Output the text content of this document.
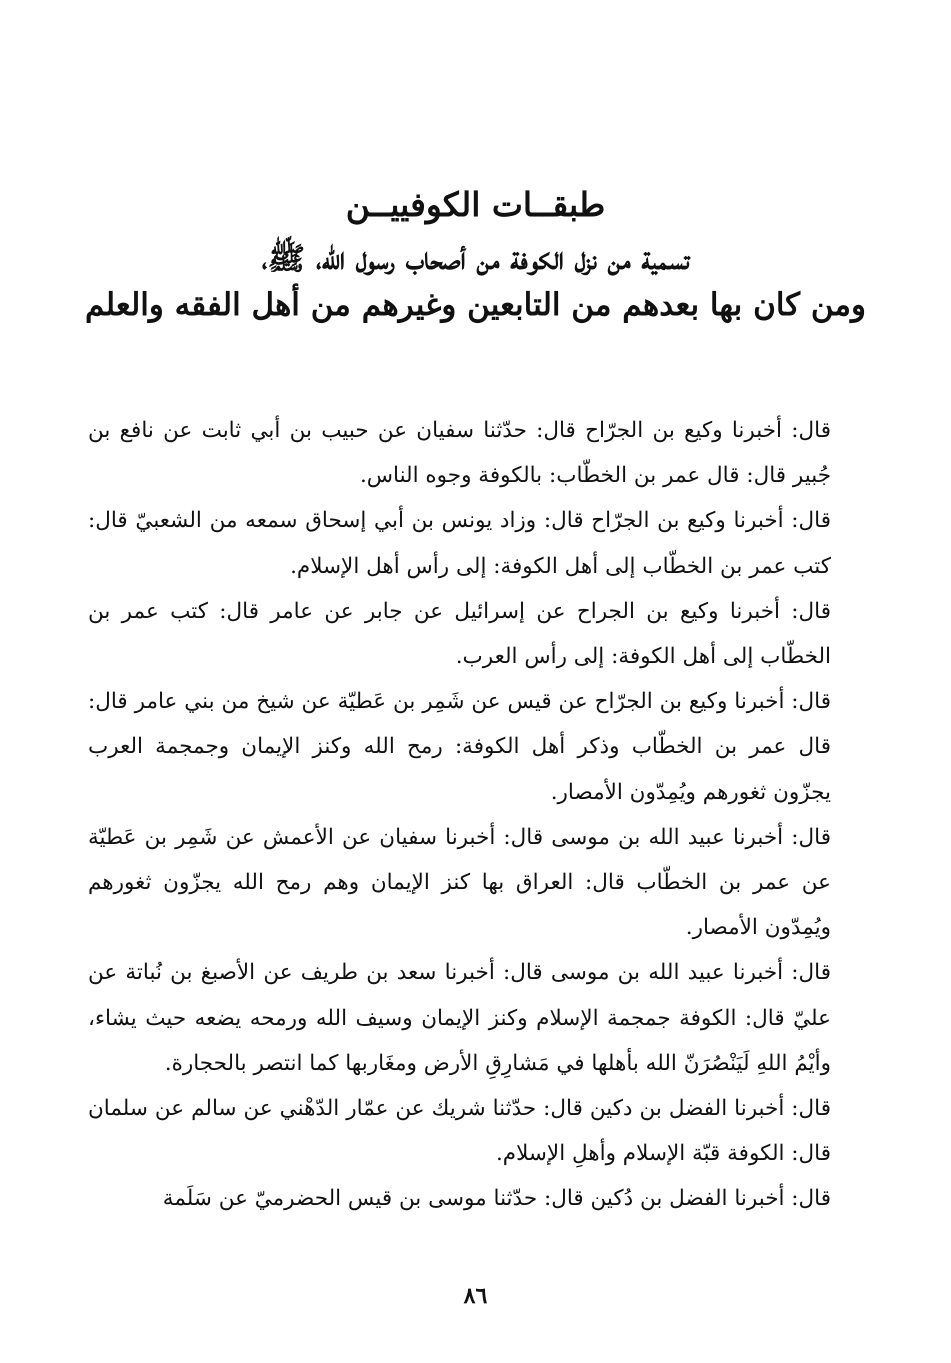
طبقــات الكوفييــن
تسمية من نزل الكوفة من أصحاب رسول الله، ﷺ،
ومن كان بها بعدهم من التابعين وغيرهم من أهل الفقه والعلم

قال: أخبرنا وكيع بن الجرّاح قال: حدّثنا سفيان عن حبيب بن أبي ثابت عن نافع بن جُبير قال: قال عمر بن الخطّاب: بالكوفة وجوه الناس.

قال: أخبرنا وكيع بن الجرّاح قال: وزاد يونس بن أبي إسحاق سمعه من الشعبيّ قال: كتب عمر بن الخطّاب إلى أهل الكوفة: إلى رأس أهل الإسلام.

قال: أخبرنا وكيع بن الجراح عن إسرائيل عن جابر عن عامر قال: كتب عمر بن الخطّاب إلى أهل الكوفة: إلى رأس العرب.

قال: أخبرنا وكيع بن الجرّاح عن قيس عن شَمِر بن عَطيّة عن شيخ من بني عامر قال: قال عمر بن الخطّاب وذكر أهل الكوفة: رمح الله وكنز الإيمان وجمجمة العرب يجزّون ثغورهم ويُمِدّون الأمصار.

قال: أخبرنا عبيد الله بن موسى قال: أخبرنا سفيان عن الأعمش عن شَمِر بن عَطيّة عن عمر بن الخطّاب قال: العراق بها كنز الإيمان وهم رمح الله يجزّون ثغورهم ويُمِدّون الأمصار.

قال: أخبرنا عبيد الله بن موسى قال: أخبرنا سعد بن طريف عن الأصبغ بن نُباتة عن عليّ قال: الكوفة جمجمة الإسلام وكنز الإيمان وسيف الله ورمحه يضعه حيث يشاء، وأيْمُ اللهِ لَيَنْصُرَنّ الله بأهلها في مَشارِقِ الأرض ومغَاربها كما انتصر بالحجارة.

قال: أخبرنا الفضل بن دكين قال: حدّثنا شريك عن عمّار الدّهْني عن سالم عن سلمان قال: الكوفة قبّة الإسلام وأهلِ الإسلام.

قال: أخبرنا الفضل بن دُكين قال: حدّثنا موسى بن قيس الحضرميّ عن سَلَمة

٨٦
